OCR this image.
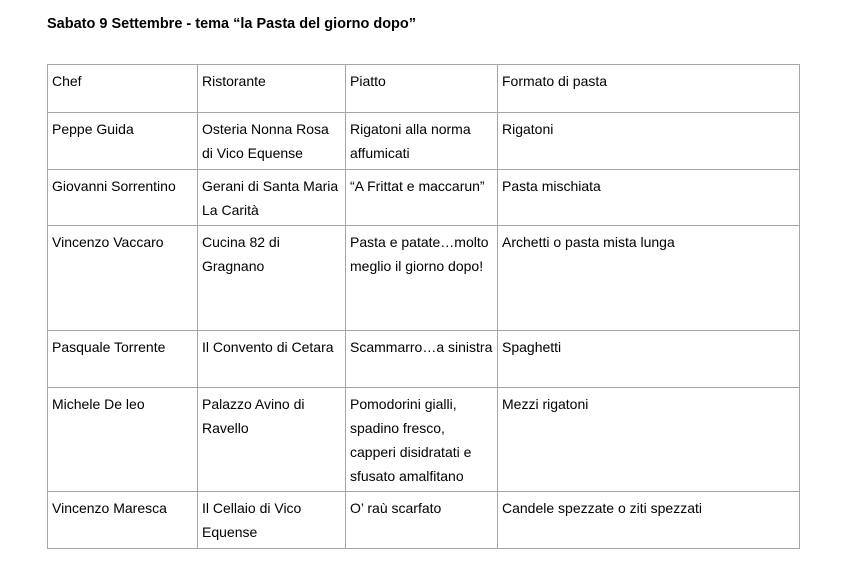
Sabato 9 Settembre - tema “la Pasta del giorno dopo”
Chef	Ristorante	Piatto	Formato di pasta
Peppe Guida	Osteria Nonna Rosa di Vico Equense	Rigatoni alla norma affumicati	Rigatoni
Giovanni Sorrentino	Gerani di Santa Maria La Carità	“A Frittat e maccarun”	Pasta mischiata
Vincenzo Vaccaro	Cucina 82 di Gragnano	Pasta e patate…molto meglio il giorno dopo!	Archetti o pasta mista lunga
Pasquale Torrente	Il Convento di Cetara	Scammarro…a sinistra	Spaghetti
Michele De leo	Palazzo Avino di Ravello	Pomodorini gialli, spadino fresco, capperi disidratati e sfusato amalfitano	Mezzi rigatoni
Vincenzo Maresca	Il Cellaio di Vico Equense	O’ raù scarfato	Candele spezzate o ziti spezzati
